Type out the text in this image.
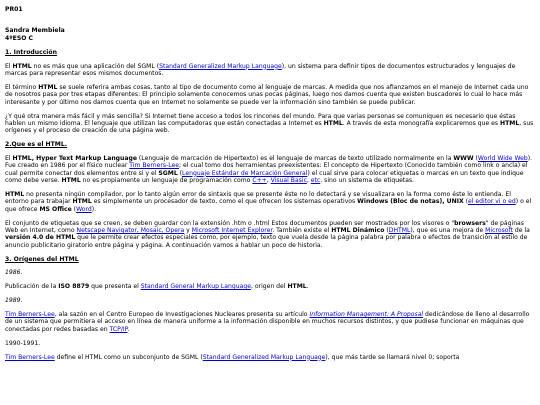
PR01

Sandra Membiela
4ºESO C

1. Introducción

El HTML no es más que una aplicación del SGML (Standard Generalized Markup Language), un sistema para definir tipos de documentos estructurados y lenguajes de marcas para representar esos mismos documentos.

El término HTML se suele referira ambas cosas, tanto al tipo de documento como al lenguaje de marcas. A medida que nos afianzamos en el manejo de Internet cada uno de nosotros pasa por tres etapas diferentes: El principio solamente conocemos unas pocas páginas, luego nos damos cuenta que existen buscadores lo cual lo hace más interesante y por último nos damos cuenta que en Internet no solamente se puede ver la información sino también se puede publicar.

¿Y qué otra manera más fácil y más sencilla? Si Internet tiene acceso a todos los rincones del mundo. Para que varias personas se comuniquen es necesario que éstas hablen un mismo idioma. El lenguaje que utilizan las computadoras que están conectadas a Internet es HTML. A través de esta monografía explicaremos que es HTML, sus orígenes y el proceso de creación de una página web.

2.Que es el HTML.

El HTML, Hyper Text Markup Language (Lenguaje de marcación de Hipertexto) es el lenguaje de marcas de texto utilizado normalmente en la WWW (World Wide Web). Fue creado en 1986 por el físico nuclear Tim Berners-Lee; el cual tomo dos herramientas preexistentes: El concepto de Hipertexto (Conocido también como link o ancla) el cual permite conectar dos elementos entre si y el SGML (Lenguaje Estándar de Marcación General) el cual sirve para colocar etiquetas o marcas en un texto que indique como debe verse. HTML no es propiamente un lenguaje de programación como C++, Visual Basic, etc. sino un sistema de etiquetas.

HTML no presenta ningún compilador, por lo tanto algún error de sintaxis que se presente éste no lo detectará y se visualizara en la forma como éste lo entienda. El entorno para trabajar HTML es simplemente un procesador de texto, como el que ofrecen los sistemas operativos Windows (Bloc de notas), UNIX (el editor vi o ed) o el que ofrece MS Office (Word).

El conjunto de etiquetas que se creen, se deben guardar con la extensión .htm o .html Estos documentos pueden ser mostrados por los visores o "browsers" de páginas Web en Internet, como Netscape Navigator, Mosaic, Opera y Microsoft Internet Explorer. También existe el HTML Dinámico (DHTML), que es una mejora de Microsoft de la versión 4.0 de HTML que le permite crear efectos especiales como, por ejemplo, texto que vuela desde la página palabra por palabra o efectos de transición al estilo de anuncio publicitario giratorio entre página y página. A continuación vamos a hablar un poco de historia.

3. Orígenes del HTML

1986.

Publicación de la ISO 8879 que presenta el Standard General Markup Language, origen del HTML.

1989.

Tim Berners-Lee, ala sazón en el Centro Europeo de Investigaciones Nucleares presenta su artículo Information Management: A Proposal dedicándose de lleno al desarrollo de un sistema que permitiera el acceso en línea de manera uniforme a la información disponible en muchos recursos distintos, y que pudiese funcionar en máquinas que conectadas por redes basadas en TCP/IP.

1990-1991.

Tim Berners-Lee define el HTML como un subconjunto de SGML (Standard Generalized Markup Language), que más tarde se llamará nivel 0; soporta
